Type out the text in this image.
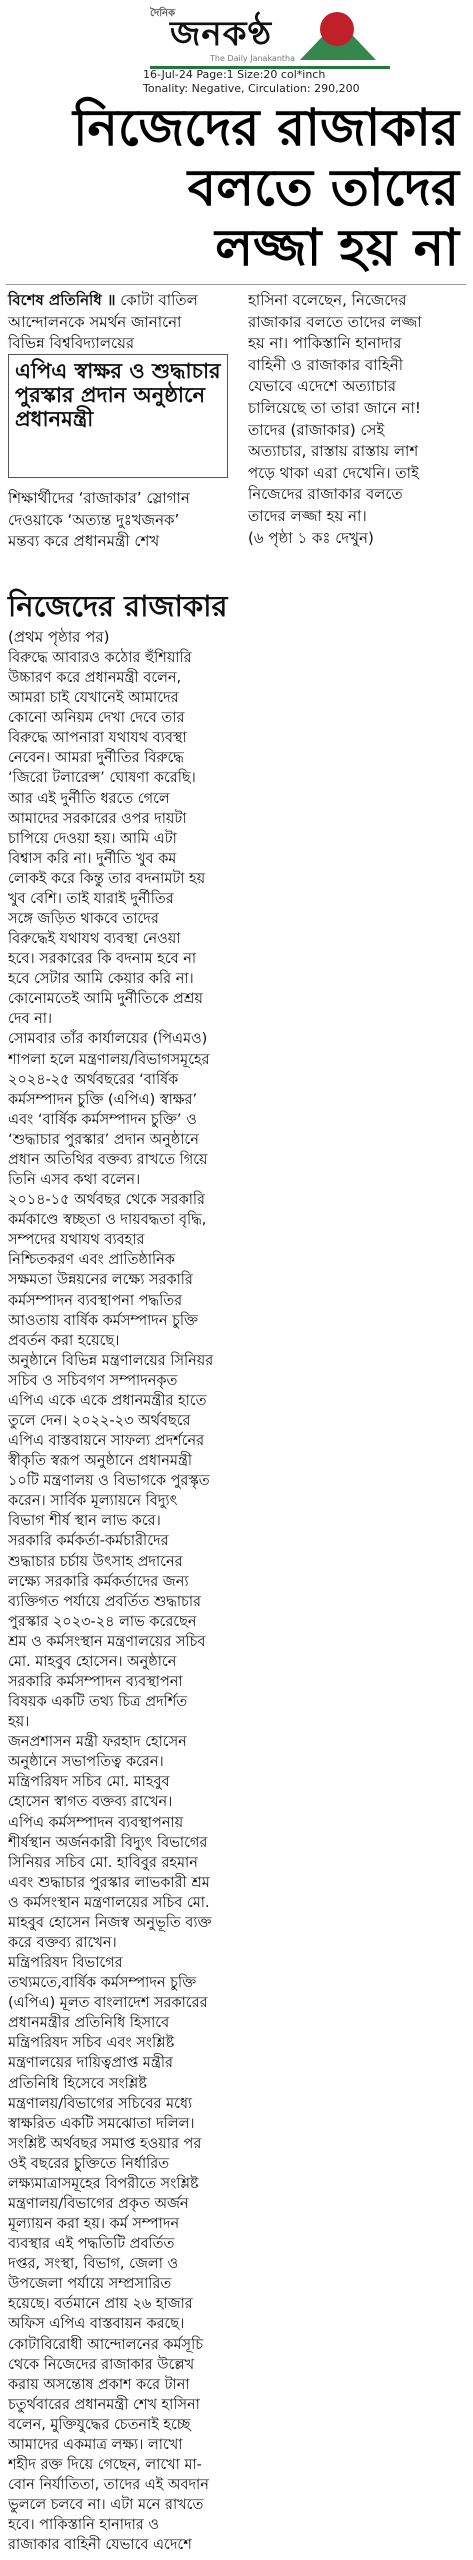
দৈনিক
জনকণ্ঠ
The Daily Janakantha
16-Jul-24 Page:1 Size:20 col*inch
Tonality: Negative, Circulation: 290,200
নিজেদের রাজাকার
বলতে তাদের
লজ্জা হয় না
বিশেষ প্রতিনিধি ॥ কোটা বাতিল
আন্দোলনকে সমর্থন জানানো
বিভিন্ন বিশ্ববিদ্যালয়ের
এপিএ স্বাক্ষর ও শুদ্ধাচার পুরস্কার প্রদান অনুষ্ঠানে প্রধানমন্ত্রী
শিক্ষার্থীদের ‘রাজাকার’ স্লোগান
দেওয়াকে ‘অত্যন্ত দুঃখজনক’
মন্তব্য করে প্রধানমন্ত্রী শেখ
হাসিনা বলেছেন, নিজেদের
রাজাকার বলতে তাদের লজ্জা
হয় না। পাকিস্তানি হানাদার
বাহিনী ও রাজাকার বাহিনী
যেভাবে এদেশে অত্যাচার
চালিয়েছে তা তারা জানে না!
তাদের (রাজাকার) সেই
অত্যাচার, রাস্তায় রাস্তায় লাশ
পড়ে থাকা এরা দেখেনি। তাই
নিজেদের রাজাকার বলতে
তাদের লজ্জা হয় না।
(৬ পৃষ্ঠা ১ কঃ দেখুন)
নিজেদের রাজাকার
(প্রথম পৃষ্ঠার পর)
বিরুদ্ধে আবারও কঠোর হুঁশিয়ারি
উচ্চারণ করে প্রধানমন্ত্রী বলেন,
আমরা চাই যেখানেই আমাদের
কোনো অনিয়ম দেখা দেবে তার
বিরুদ্ধে আপনারা যথাযথ ব্যবস্থা
নেবেন। আমরা দুর্নীতির বিরুদ্ধে
‘জিরো টলারেন্স’ ঘোষণা করেছি।
আর এই দুর্নীতি ধরতে গেলে
আমাদের সরকারের ওপর দায়টা
চাপিয়ে দেওয়া হয়। আমি এটা
বিশ্বাস করি না। দুর্নীতি খুব কম
লোকই করে কিন্তু তার বদনামটা হয়
খুব বেশি। তাই যারাই দুর্নীতির
সঙ্গে জড়িত থাকবে তাদের
বিরুদ্ধেই যথাযথ ব্যবস্থা নেওয়া
হবে। সরকারের কি বদনাম হবে না
হবে সেটার আমি কেয়ার করি না।
কোনোমতেই আমি দুর্নীতিকে প্রশ্রয়
দেব না।
সোমবার তাঁর কার্যালয়ের (পিএমও)
শাপলা হলে মন্ত্রণালয়/বিভাগসমূহের
২০২৪-২৫ অর্থবছরের ‘বার্ষিক
কর্মসম্পাদন চুক্তি (এপিএ) স্বাক্ষর’
এবং ‘বার্ষিক কর্মসম্পাদন চুক্তি’ ও
‘শুদ্ধাচার পুরস্কার’ প্রদান অনুষ্ঠানে
প্রধান অতিথির বক্তব্য রাখতে গিয়ে
তিনি এসব কথা বলেন।
২০১৪-১৫ অর্থবছর থেকে সরকারি
কর্মকাণ্ডে স্বচ্ছতা ও দায়বদ্ধতা বৃদ্ধি,
সম্পদের যথাযথ ব্যবহার
নিশ্চিতকরণ এবং প্রাতিষ্ঠানিক
সক্ষমতা উন্নয়নের লক্ষ্যে সরকারি
কর্মসম্পাদন ব্যবস্থাপনা পদ্ধতির
আওতায় বার্ষিক কর্মসম্পাদন চুক্তি
প্রবর্তন করা হয়েছে।
অনুষ্ঠানে বিভিন্ন মন্ত্রণালয়ের সিনিয়র
সচিব ও সচিবগণ সম্পাদনকৃত
এপিএ একে একে প্রধানমন্ত্রীর হাতে
তুলে দেন। ২০২২-২৩ অর্থবছরে
এপিএ বাস্তবায়নে সাফল্য প্রদর্শনের
স্বীকৃতি স্বরূপ অনুষ্ঠানে প্রধানমন্ত্রী
১০টি মন্ত্রণালয় ও বিভাগকে পুরস্কৃত
করেন। সার্বিক মূল্যায়নে বিদ্যুৎ
বিভাগ শীর্ষ স্থান লাভ করে।
সরকারি কর্মকর্তা-কর্মচারীদের
শুদ্ধাচার চর্চায় উৎসাহ প্রদানের
লক্ষ্যে সরকারি কর্মকর্তাদের জন্য
ব্যক্তিগত পর্যায়ে প্রবর্তিত শুদ্ধাচার
পুরস্কার ২০২৩-২৪ লাভ করেছেন
শ্রম ও কর্মসংস্থান মন্ত্রণালয়ের সচিব
মো. মাহবুব হোসেন। অনুষ্ঠানে
সরকারি কর্মসম্পাদন ব্যবস্থাপনা
বিষয়ক একটি তথ্য চিত্র প্রদর্শিত
হয়।
জনপ্রশাসন মন্ত্রী ফরহাদ হোসেন
অনুষ্ঠানে সভাপতিত্ব করেন।
মন্ত্রিপরিষদ সচিব মো. মাহবুব
হোসেন স্বাগত বক্তব্য রাখেন।
এপিএ কর্মসম্পাদন ব্যবস্থাপনায়
শীর্ষস্থান অর্জনকারী বিদ্যুৎ বিভাগের
সিনিয়র সচিব মো. হাবিবুর রহমান
এবং শুদ্ধাচার পুরস্কার লাভকারী শ্রম
ও কর্মসংস্থান মন্ত্রণালয়ের সচিব মো.
মাহবুব হোসেন নিজস্ব অনুভূতি ব্যক্ত
করে বক্তব্য রাখেন।
মন্ত্রিপরিষদ বিভাগের
তথ্যমতে,বার্ষিক কর্মসম্পাদন চুক্তি
(এপিএ) মূলত বাংলাদেশ সরকারের
প্রধানমন্ত্রীর প্রতিনিধি হিসাবে
মন্ত্রিপরিষদ সচিব এবং সংশ্লিষ্ট
মন্ত্রণালয়ের দায়িত্বপ্রাপ্ত মন্ত্রীর
প্রতিনিধি হিসেবে সংশ্লিষ্ট
মন্ত্রণালয়/বিভাগের সচিবের মধ্যে
স্বাক্ষরিত একটি সমঝোতা দলিল।
সংশ্লিষ্ট অর্থবছর সমাপ্ত হওয়ার পর
ওই বছরের চুক্তিতে নির্ধারিত
লক্ষ্যমাত্রাসমূহের বিপরীতে সংশ্লিষ্ট
মন্ত্রণালয়/বিভাগের প্রকৃত অর্জন
মূল্যায়ন করা হয়। কর্ম সম্পাদন
ব্যবস্থার এই পদ্ধতিটি প্রবর্তিত
দপ্তর, সংস্থা, বিভাগ, জেলা ও
উপজেলা পর্যায়ে সম্প্রসারিত
হয়েছে। বর্তমানে প্রায় ২৬ হাজার
অফিস এপিএ বাস্তবায়ন করছে।
কোটাবিরোধী আন্দোলনের কর্মসূচি
থেকে নিজেদের রাজাকার উল্লেখ
করায় অসন্তোষ প্রকাশ করে টানা
চতুর্থবারের প্রধানমন্ত্রী শেখ হাসিনা
বলেন, মুক্তিযুদ্ধের চেতনাই হচ্ছে
আমাদের একমাত্র লক্ষ্য। লাখো
শহীদ রক্ত দিয়ে গেছেন, লাখো মা-
বোন নির্যাতিতা, তাদের এই অবদান
ভুললে চলবে না। এটা মনে রাখতে
হবে। পাকিস্তানি হানাদার ও
রাজাকার বাহিনী যেভাবে এদেশে
